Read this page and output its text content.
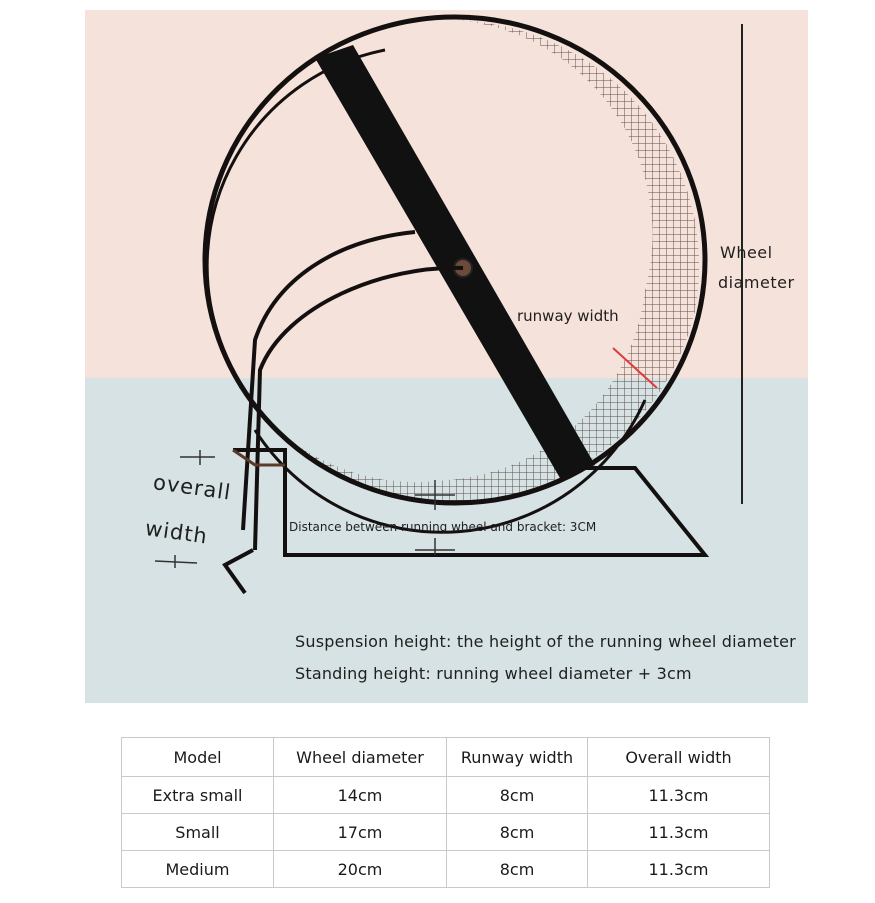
Wheel
diameter
runway width
overall
width	Distance between running wheel and bracket: 3CM
Suspension height: the height of the running wheel diameter
Standing height: running wheel diameter + 3cm
Model	Wheel diameter	Runway width	Overall width
Extra small	14cm	8cm	11.3cm
Small	17cm	8cm	11.3cm
Medium	20cm	8cm	11.3cm
